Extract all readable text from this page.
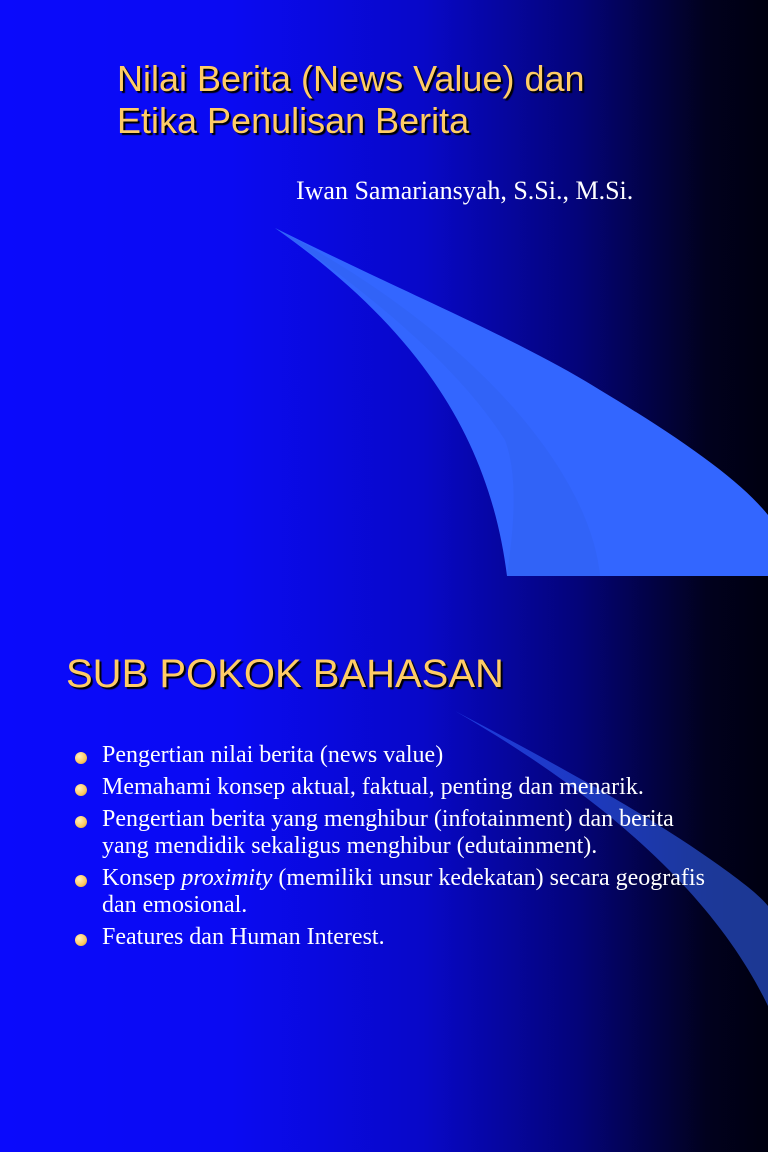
Nilai Berita (News Value) dan
Etika Penulisan Berita

Iwan Samariansyah, S.Si., M.Si.

SUB POKOK BAHASAN
Pengertian nilai berita (news value)
Memahami konsep aktual, faktual, penting dan menarik.
Pengertian berita yang menghibur (infotainment) dan berita yang mendidik sekaligus menghibur (edutainment).
Konsep proximity (memiliki unsur kedekatan) secara geografis dan emosional.
Features dan Human Interest.
